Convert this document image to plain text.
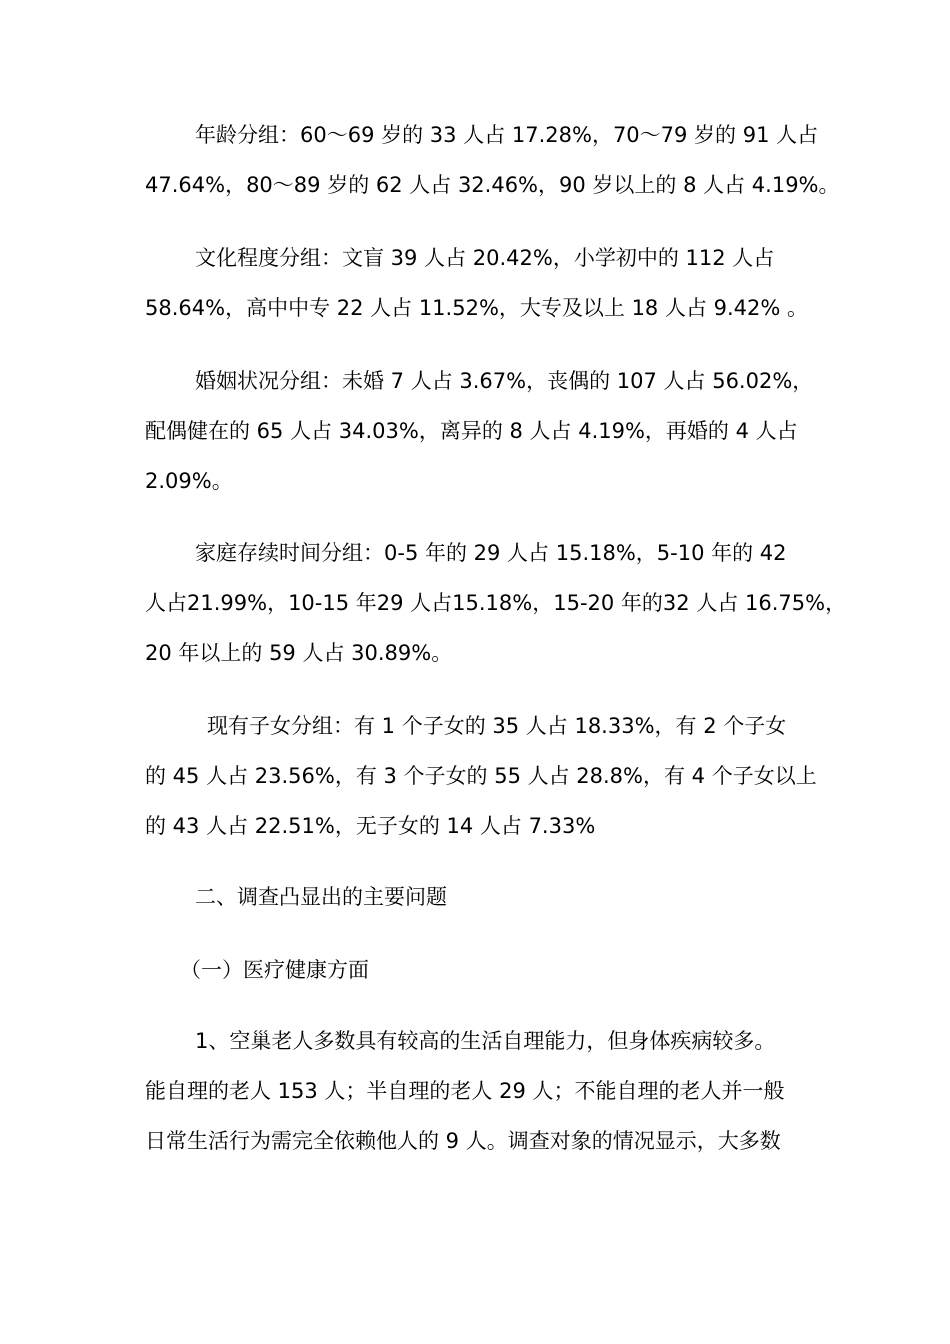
年龄分组：60～69 岁的 33 人占 17.28%，70～79 岁的 91 人占
47.64%，80～89 岁的 62 人占 32.46%，90 岁以上的 8 人占 4.19%。
文化程度分组：文盲 39 人占 20.42%，小学初中的 112 人占
58.64%，高中中专 22 人占 11.52%，大专及以上 18 人占 9.42% 。
婚姻状况分组：未婚 7 人占 3.67%，丧偶的 107 人占 56.02%，
配偶健在的 65 人占 34.03%，离异的 8 人占 4.19%，再婚的 4 人占
2.09%。
家庭存续时间分组：0-5 年的 29 人占 15.18%，5-10 年的 42
人占21.99%，10-15 年29 人占15.18%，15-20 年的32 人占 16.75%，
20 年以上的 59 人占 30.89%。
现有子女分组：有 1 个子女的 35 人占 18.33%，有 2 个子女
的 45 人占 23.56%，有 3 个子女的 55 人占 28.8%，有 4 个子女以上
的 43 人占 22.51%，无子女的 14 人占 7.33%
二、调查凸显出的主要问题
（一）医疗健康方面
1、空巢老人多数具有较高的生活自理能力，但身体疾病较多。
能自理的老人 153 人；半自理的老人 29 人；不能自理的老人并一般
日常生活行为需完全依赖他人的 9 人。调查对象的情况显示，大多数
